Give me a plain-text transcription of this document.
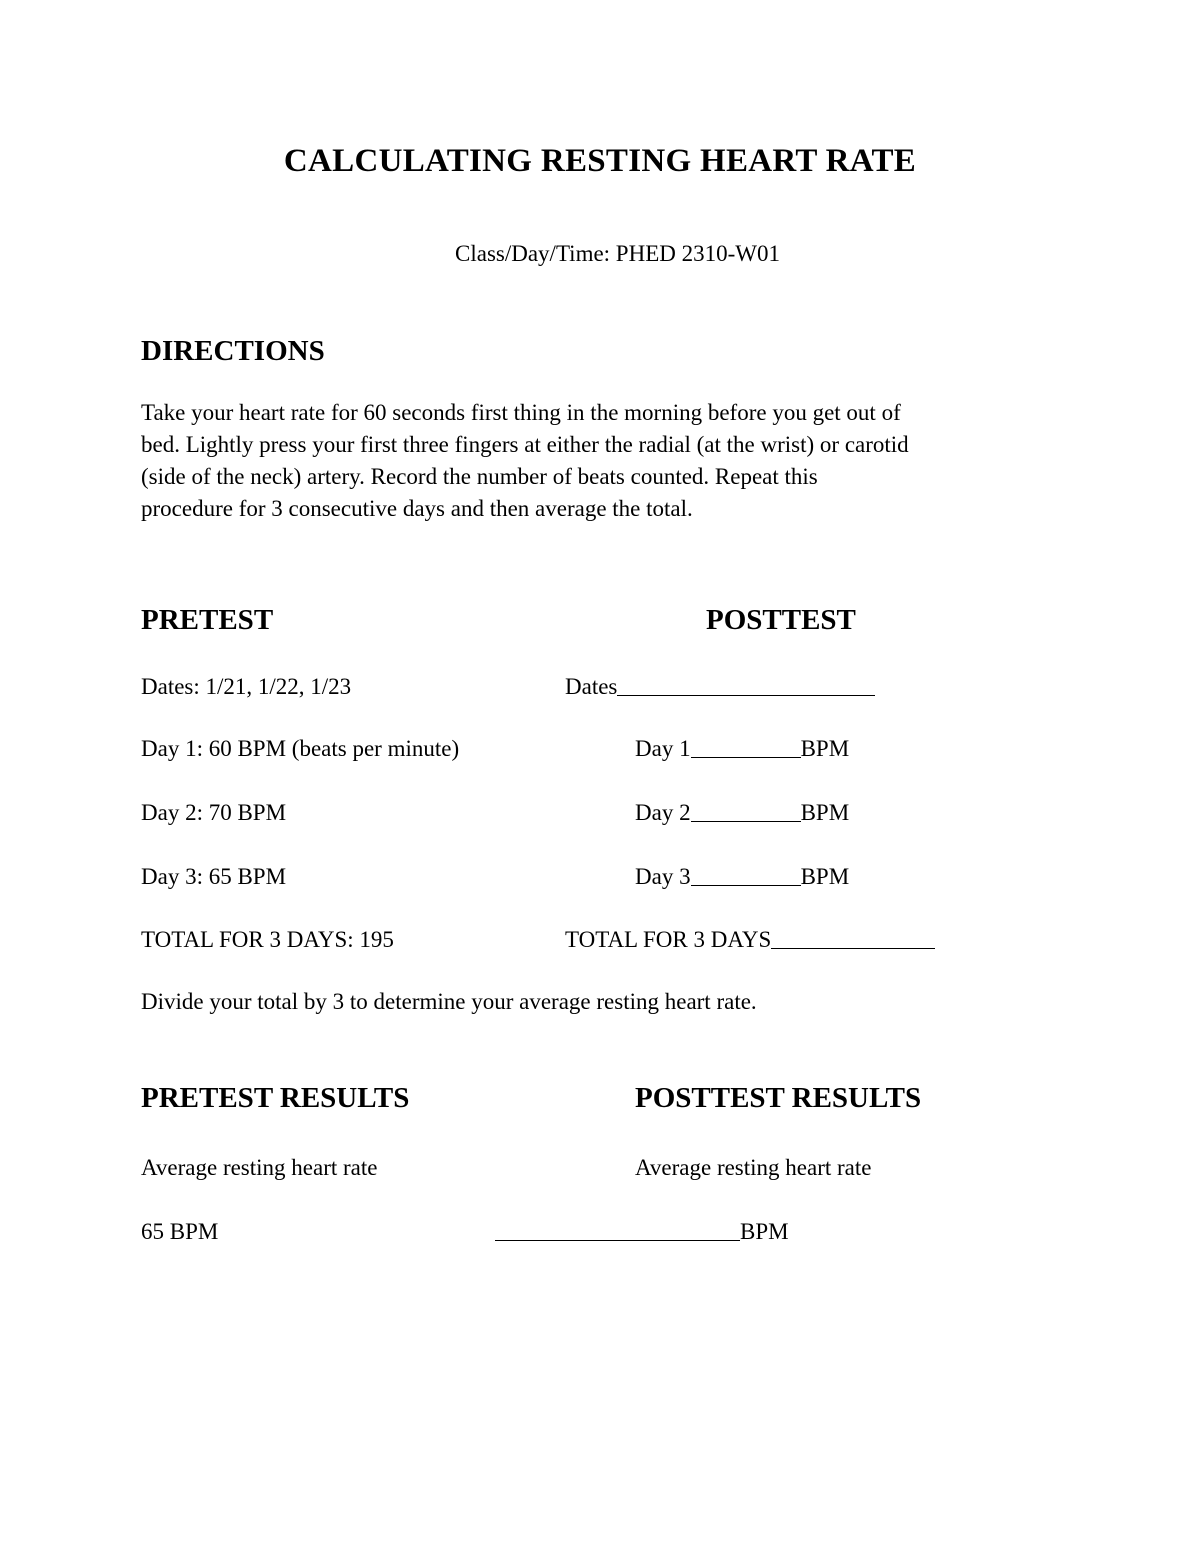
CALCULATING RESTING HEART RATE
Class/Day/Time: PHED 2310-W01
DIRECTIONS
Take your heart rate for 60 seconds first thing in the morning before you get out of
bed. Lightly press your first three fingers at either the radial (at the wrist) or carotid
(side of the neck) artery. Record the number of beats counted. Repeat this
procedure for 3 consecutive days and then average the total.
PRETEST	POSTTEST
Dates: 1/21, 1/22, 1/23	Dates
Day 1: 60 BPM (beats per minute)	Day 1	BPM
Day 2: 70 BPM	Day 2	BPM
Day 3: 65 BPM	Day 3	BPM
TOTAL FOR 3 DAYS: 195	TOTAL FOR 3 DAYS
Divide your total by 3 to determine your average resting heart rate.
PRETEST RESULTS	POSTTEST RESULTS
Average resting heart rate	Average resting heart rate
65 BPM	BPM
